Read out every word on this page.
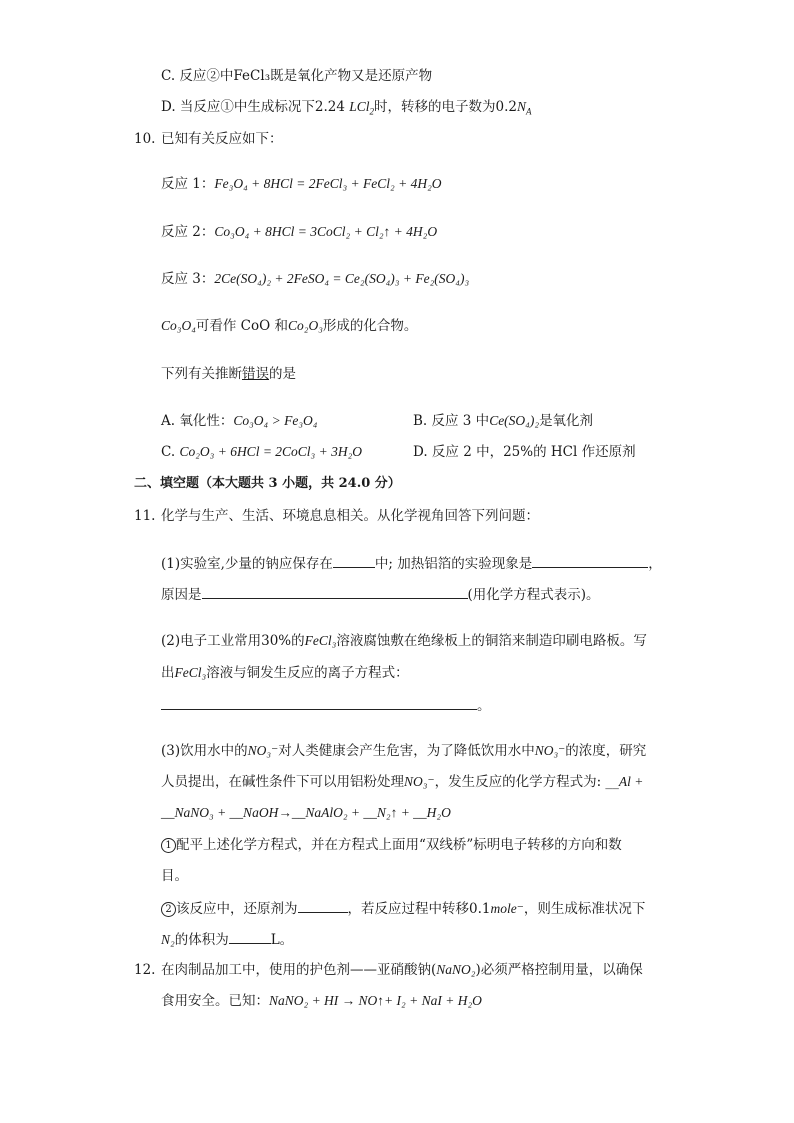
C. 反应②中FeCl₃既是氧化产物又是还原产物
D. 当反应①中生成标况下2.24 LCl$_2$时，转移的电子数为$0.2N_A$
10. 已知有关反应如下：
反应 1：Fe₃O₄ + 8HCl = 2FeCl₃ + FeCl₂ + 4H₂O
反应 2：Co₃O₄ + 8HCl = 3CoCl₂ + Cl₂↑ + 4H₂O
反应 3：2Ce(SO₄)₂ + 2FeSO₄ = Ce₂(SO₄)₃ + Fe₂(SO₄)₃
Co₃O₄可看作 CoO 和Co₂O₃形成的化合物。
下列有关推断错误的是
A. 氧化性：Co₃O₄ > Fe₃O₄	B. 反应 3 中Ce(SO₄)₂是氧化剂
C. Co₂O₃ + 6HCl = 2CoCl₃ + 3H₂O	D. 反应 2 中，25%的 HCl 作还原剂
二、填空题（本大题共 3 小题，共 24.0 分）
11. 化学与生产、生活、环境息息相关。从化学视角回答下列问题：
(1)实验室,少量的钠应保存在	中; 加热铝箔的实验现象是	，
原因是	(用化学方程式表示)。
(2)电子工业常用30%的FeCl₃溶液腐蚀敷在绝缘板上的铜箔来制造印刷电路板。写
出FeCl₃溶液与铜发生反应的离子方程式：
。
(3)饮用水中的NO₃⁻对人类健康会产生危害，为了降低饮用水中NO₃⁻的浓度，研究
人员提出，在碱性条件下可以用铝粉处理NO₃⁻，发生反应的化学方程式为: __Al +
__NaNO₃ + __NaOH→__NaAlO₂ + __N₂↑ + __H₂O
1 配平上述化学方程式，并在方程式上面用“双线桥”标明电子转移的方向和数
目。
2 该反应中，还原剂为	，若反应过程中转移0.1mole⁻，则生成标准状况下
N₂的体积为	L。
12. 在肉制品加工中，使用的护色剂——亚硝酸钠(NaNO₂)必须严格控制用量，以确保
食用安全。已知：NaNO₂ + HI → NO↑+ I₂ + NaI + H₂O
